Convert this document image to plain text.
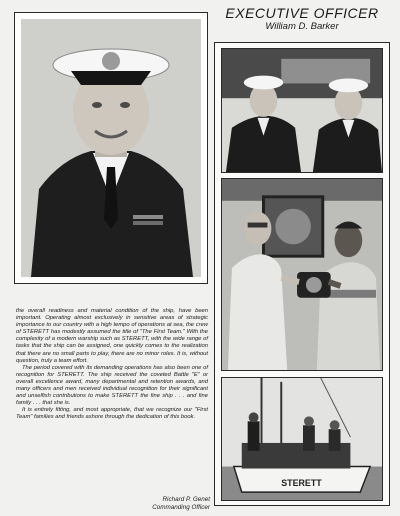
EXECUTIVE OFFICER
William D. Barker
STERETT

the overall readiness and material condition of the ship, have been important. Operating almost exclusively in sensitive areas of strategic importance to our country with a high tempo of operations at sea, the crew of STERETT has modestly assumed the title of "The First Team." With the complexity of a modern warship such as STERETT, with the wide range of tasks that the ship can be assigned, one quickly comes to the realization that there are no small parts to play, there are no minor roles. It is, without question, truly a team effort.

The period covered with its demanding operations has also been one of recognition for STERETT. The ship received the coveted Battle "E" or overall excellence award, many departmental and retention awards, and many officers and men received individual recognition for their significant and unselfish contributions to make STERETT the fine ship . . . and fine family . . . that she is.

It is entirely fitting, and most appropriate, that we recognize our "First Team" families and friends ashore through the dedication of this book.

Richard P. Genet
Commanding Officer
